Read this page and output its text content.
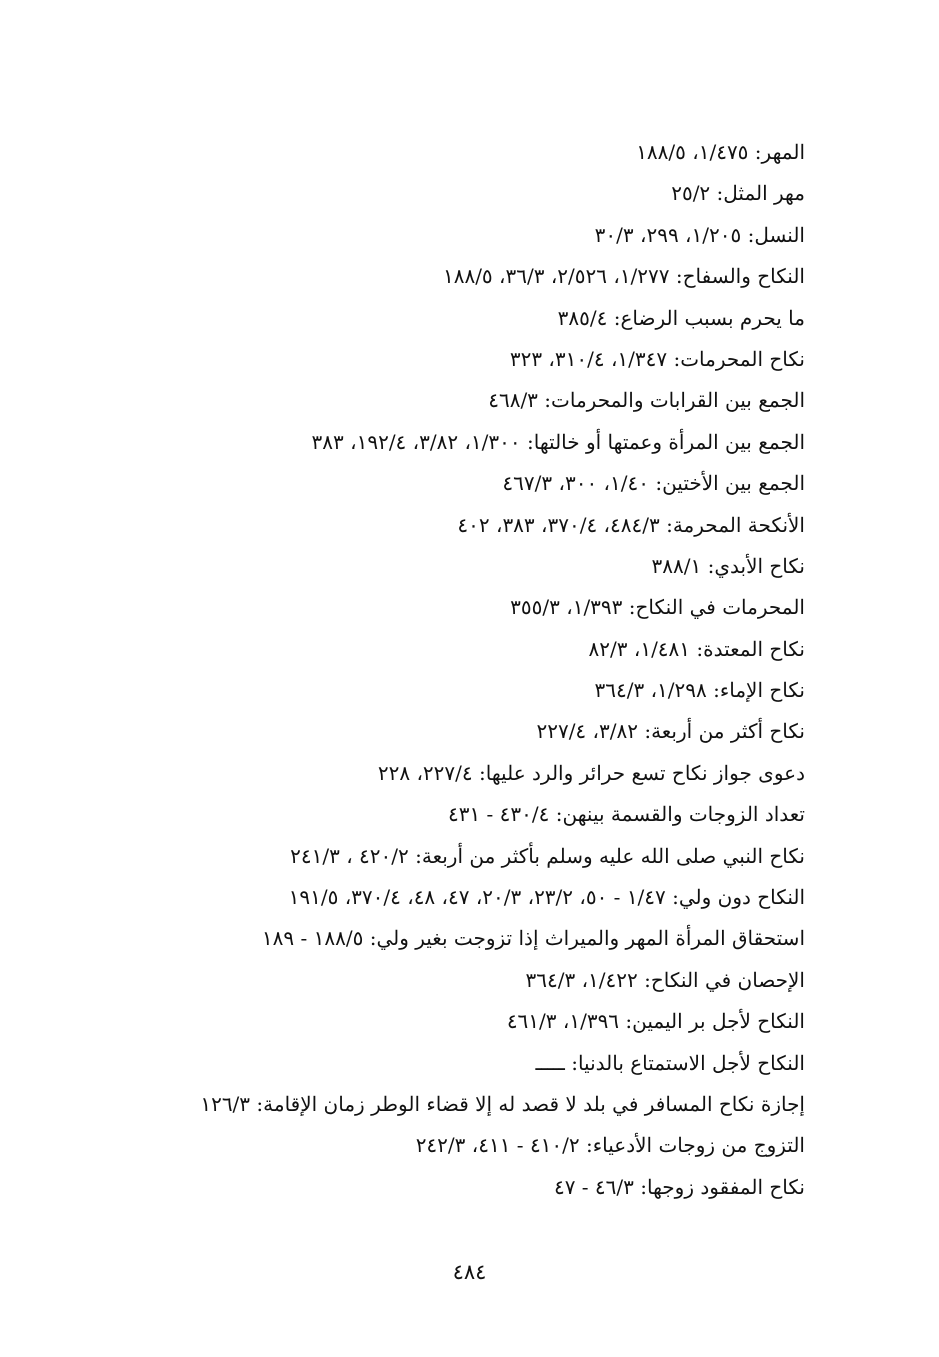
المهر: ١/٤٧٥، ١٨٨/٥
مهر المثل: ٢٥/٢
النسل: ١/٢٠٥، ٢٩٩، ٣٠/٣
النكاح والسفاح: ١/٢٧٧، ٢/٥٢٦، ٣٦/٣، ١٨٨/٥
ما يحرم بسبب الرضاع: ٣٨٥/٤
نكاح المحرمات: ١/٣٤٧، ٣١٠/٤، ٣٢٣
الجمع بين القرابات والمحرمات: ٤٦٨/٣
الجمع بين المرأة وعمتها أو خالتها: ١/٣٠٠، ٣/٨٢، ١٩٢/٤، ٣٨٣
الجمع بين الأختين: ١/٤٠، ٣٠٠، ٤٦٧/٣
الأنكحة المحرمة: ٤٨٤/٣، ٣٧٠/٤، ٣٨٣، ٤٠٢
نكاح الأبدي: ٣٨٨/١
المحرمات في النكاح: ١/٣٩٣، ٣٥٥/٣
نكاح المعتدة: ١/٤٨١، ٨٢/٣
نكاح الإماء: ١/٢٩٨، ٣٦٤/٣
نكاح أكثر من أربعة: ٣/٨٢، ٢٢٧/٤
دعوى جواز نكاح تسع حرائر والرد عليها: ٢٢٧/٤، ٢٢٨
تعداد الزوجات والقسمة بينهن: ٤٣٠/٤ - ٤٣١
نكاح النبي صلى الله عليه وسلم بأكثر من أربعة: ٤٢٠/٢ ، ٢٤١/٣
النكاح دون ولي: ١/٤٧ - ٥٠، ٢٣/٢، ٢٠/٣، ٤٧، ٤٨، ٣٧٠/٤، ١٩١/٥
استحقاق المرأة المهر والميراث إذا تزوجت بغير ولي: ١٨٨/٥ - ١٨٩
الإحصان في النكاح: ١/٤٢٢، ٣٦٤/٣
النكاح لأجل بر اليمين: ١/٣٩٦، ٤٦١/٣
النكاح لأجل الاستمتاع بالدنيا: ـــــ
إجازة نكاح المسافر في بلد لا قصد له إلا قضاء الوطر زمان الإقامة: ١٢٦/٣
التزوج من زوجات الأدعياء: ٤١٠/٢ - ٤١١، ٢٤٢/٣
نكاح المفقود زوجها: ٤٦/٣ - ٤٧
٤٨٤
